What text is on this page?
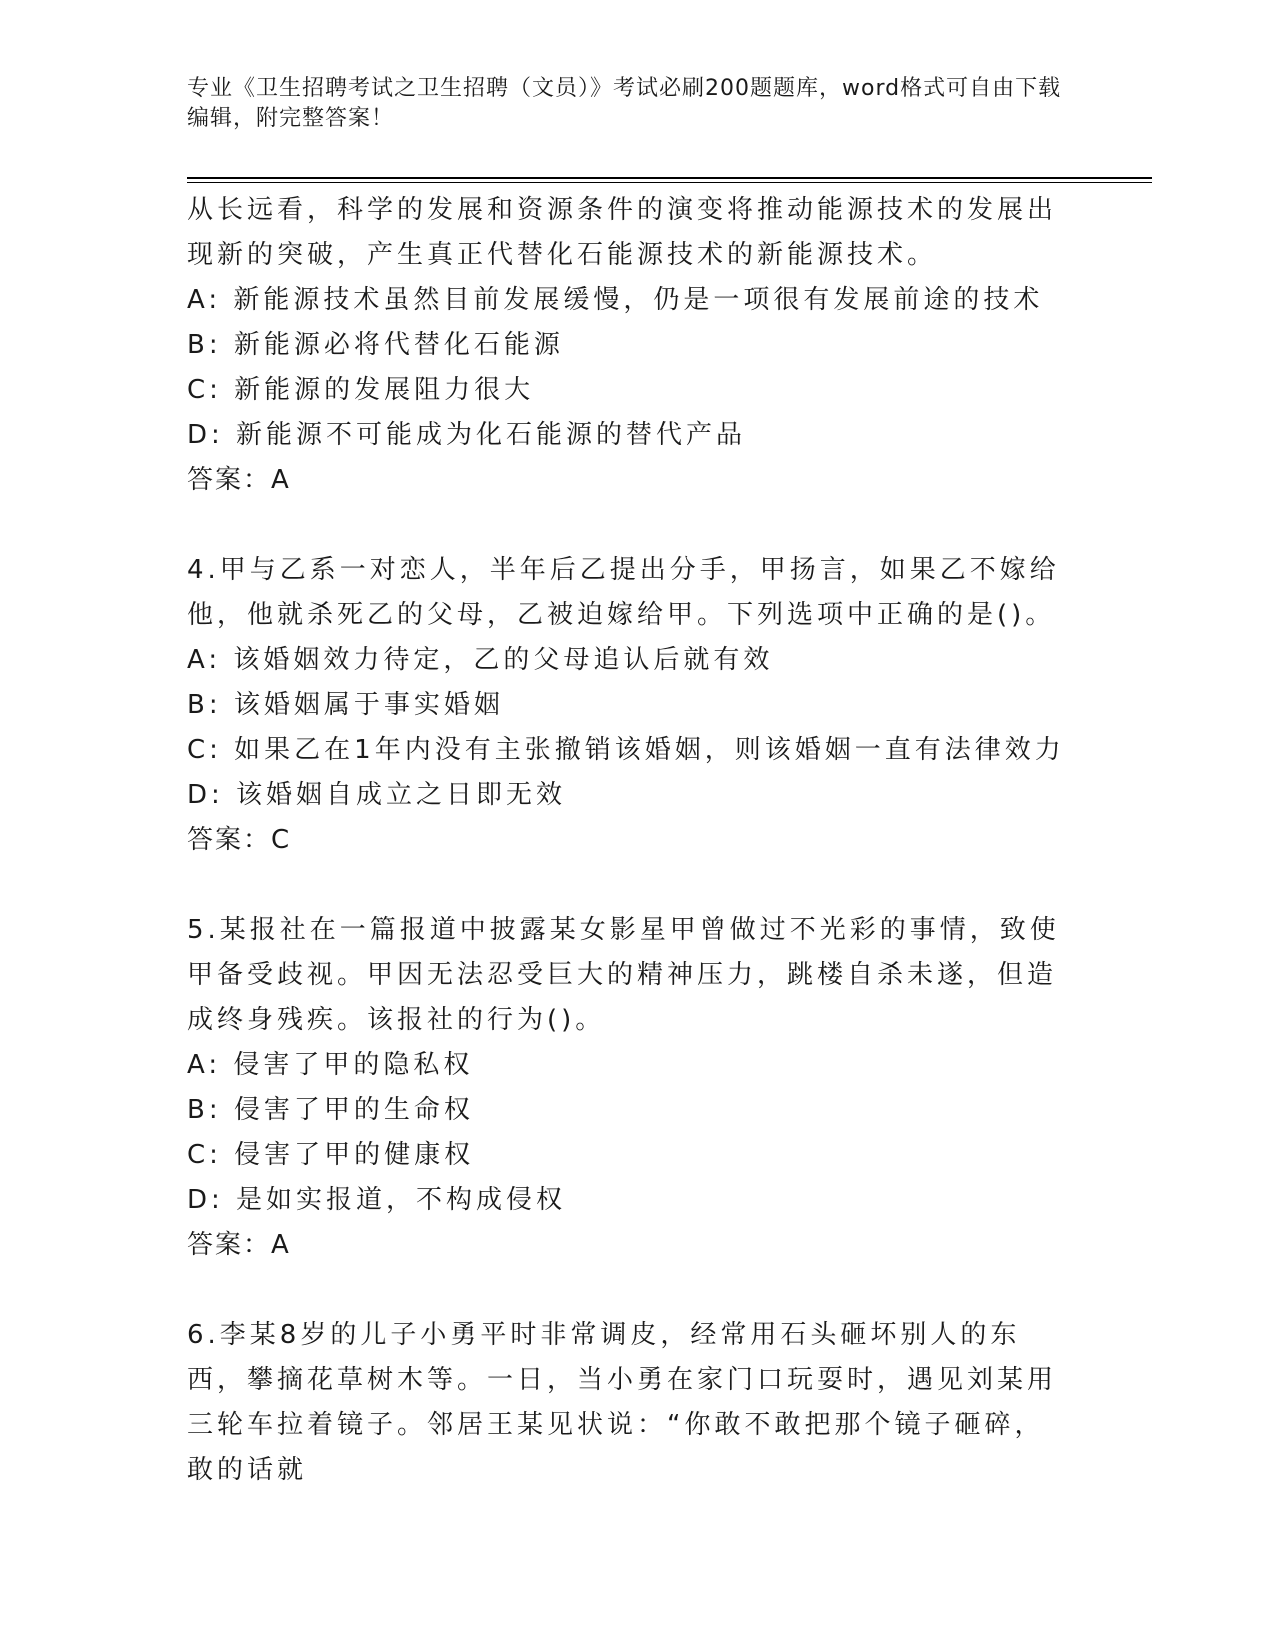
专业《卫生招聘考试之卫生招聘（文员）》考试必刷200题题库，word格式可自由下载编辑，附完整答案！

从长远看，科学的发展和资源条件的演变将推动能源技术的发展出现新的突破，产生真正代替化石能源技术的新能源技术。

A: 新能源技术虽然目前发展缓慢，仍是一项很有发展前途的技术

B: 新能源必将代替化石能源

C: 新能源的发展阻力很大

D: 新能源不可能成为化石能源的替代产品

答案：A

4.甲与乙系一对恋人，半年后乙提出分手，甲扬言，如果乙不嫁给他，他就杀死乙的父母，乙被迫嫁给甲。下列选项中正确的是()。

A: 该婚姻效力待定，乙的父母追认后就有效

B: 该婚姻属于事实婚姻

C: 如果乙在1年内没有主张撤销该婚姻，则该婚姻一直有法律效力

D: 该婚姻自成立之日即无效

答案：C

5.某报社在一篇报道中披露某女影星甲曾做过不光彩的事情，致使甲备受歧视。甲因无法忍受巨大的精神压力，跳楼自杀未遂，但造成终身残疾。该报社的行为()。

A: 侵害了甲的隐私权

B: 侵害了甲的生命权

C: 侵害了甲的健康权

D: 是如实报道，不构成侵权

答案：A

6.李某8岁的儿子小勇平时非常调皮，经常用石头砸坏别人的东西，攀摘花草树木等。一日，当小勇在家门口玩耍时，遇见刘某用三轮车拉着镜子。邻居王某见状说：“你敢不敢把那个镜子砸碎，敢的话就
